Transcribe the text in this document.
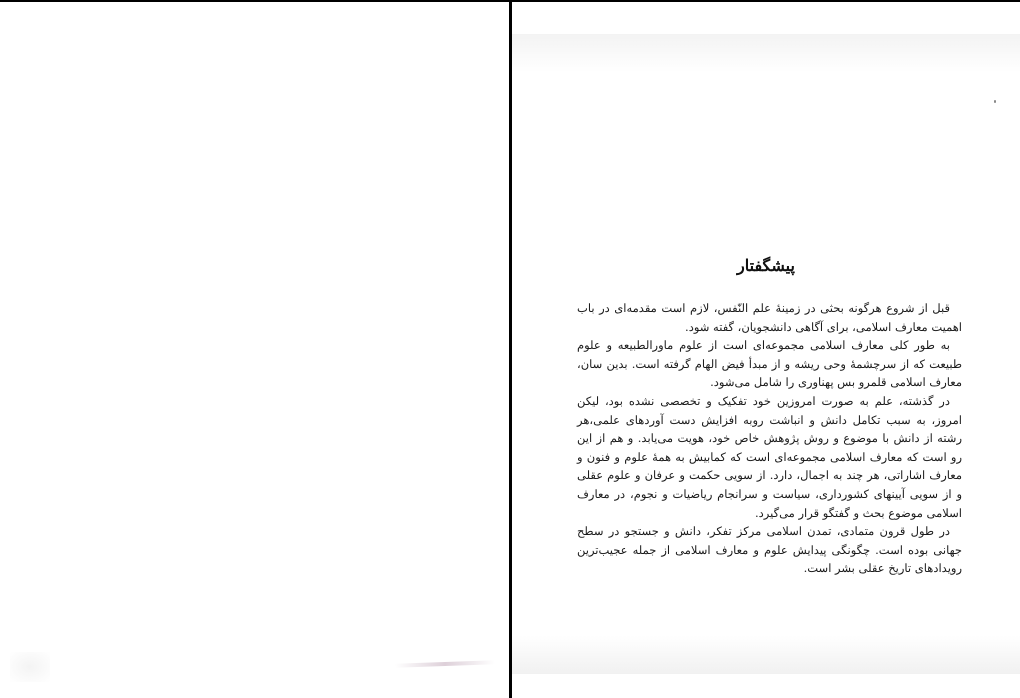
پیشگفتار

قبل از شروع هرگونه بحثی در زمینهٔ علم النّفس، لازم است مقدمه‌ای در باب اهمیت معارف اسلامی، برای آگاهی دانشجویان، گفته شود.

به طور کلی معارف اسلامی مجموعه‌ای است از علوم ماورالطبیعه و علوم طبیعت که از سرچشمهٔ وحی ریشه و از مبدأ فیض الهام گرفته است. بدین سان، معارف اسلامی قلمرو بس پهناوری را شامل می‌شود.

در گذشته، علم به صورت امروزین خود تفکیک و تخصصی نشده بود، لیکن امروز، به سبب تکامل دانش و انباشت روبه افزایش دست آوردهای علمی،هر رشته از دانش با موضوع و روش پژوهش خاص خود، هویت می‌یابد. و هم از این رو است که معارف اسلامی مجموعه‌ای است که کمابیش به همهٔ علوم و فنون و معارف اشاراتی، هر چند به اجمال، دارد. از سویی حکمت و عرفان و علوم عقلی و از سویی آیینهای کشورداری، سیاست و سرانجام ریاضیات و نجوم، در معارف اسلامی موضوع بحث و گفتگو قرار می‌گیرد.

در طول قرون متمادی، تمدن اسلامی مرکز تفکر، دانش و جستجو در سطح جهانی بوده است. چگونگی پیدایش علوم و معارف اسلامی از جمله عجیب‌ترین رویدادهای تاریخ عقلی بشر است.
